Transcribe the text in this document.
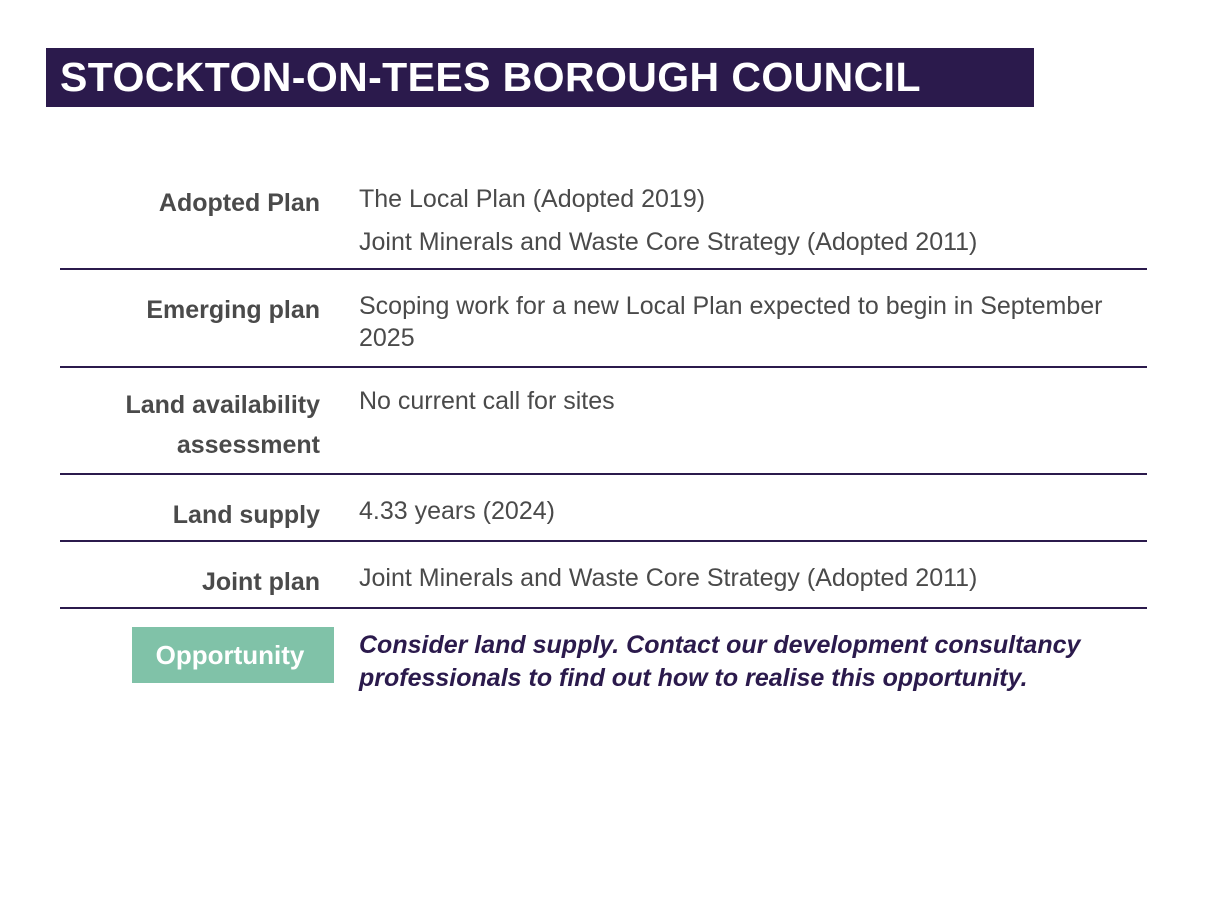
STOCKTON-ON-TEES BOROUGH COUNCIL
Adopted Plan The Local Plan (Adopted 2019)

Joint Minerals and Waste Core Strategy (Adopted 2011)

Emerging plan Scoping work for a new Local Plan expected to begin in September 2025
Land availability
assessment
No current call for sites
Land supply 4.33 years (2024)
Joint plan Joint Minerals and Waste Core Strategy (Adopted 2011)
Opportunity	Consider land supply. Contact our development consultancy professionals to find out how to realise this opportunity.
